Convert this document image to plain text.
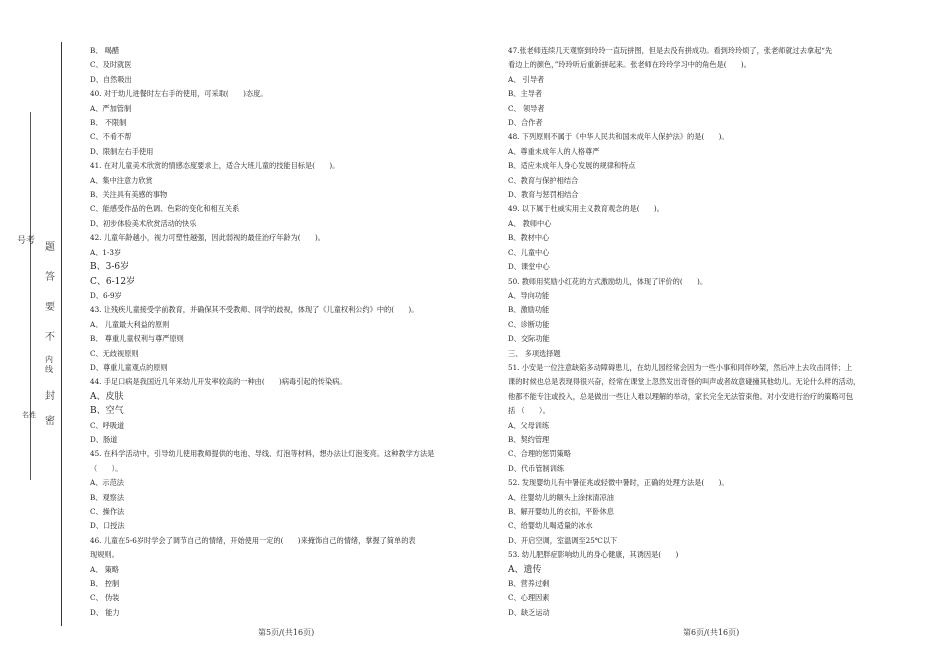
号考
名姓
题
答
要
不
内
线
封
密
B、 喝醋
C、及时就医
D、自然吸出
40. 对于幼儿进餐时左右手的使用，可采取(　　)态度。
A、严加管制
B、 不限制
C、不肴不帮
D、限制左右手使用
41. 在对儿童美术欣赏的情感态度要求上，适合大班儿童的技能目标是(　　)。
A、集中注意力欣赏
B、关注具有美感的事物
C、能感受作品的色调、色彩的变化和相互关系
D、初步体验美术欣赏活动的快乐
42. 儿童年龄越小，视力可塑性越强，因此弱视的最佳治疗年龄为(　　)。
A、1-3岁
B、3-6岁
C、6-12岁
D、6-9岁
43. 让残疾儿童接受学前教育，并确保其不受教师、同学的歧视，体现了《儿童权利公约》中的(　　)。
A、 儿童最大利益的原则
B、 尊重儿童权利与尊严原则
C、无歧视原则
D、尊重儿童观点的原则
44. 手足口病是我国近几年来幼儿开发率较高的一种由(　　)病毒引起的传染病。
A、皮肤
B、空气
C、呼吸道
D、肠道
45. 在科学活动中，引导幼儿使用教师提供的电池、导线、灯泡等材料，想办法让灯泡变亮。这种教学方法是
（　　）。
A、示范法
B、观察法
C、操作法
D、口授法
46. 儿童在5-6岁时学会了调节自己的情绪，开始使用一定的(　　)来掩饰自己的情绪，掌握了简单的表
现规则。
A、 策略
B、 控制
C、 伪装
D、 能力
47.张老师连续几天观察到玲玲一直玩拼图，但是去没有拼成功。看到玲玲烦了，张老师就过去拿起“先
看边上的颜色，”玲玲听后重新拼起来。张老师在玲玲学习中的角色是(　　)。
A、 引导者
B、主导者
C、 领导者
D、合作者
48. 下列原则不属于《中华人民共和国未成年人保护法》的是(　　)。
A、尊重未成年人的人格尊严
B、适应未成年人身心发展的规律和特点
C、教育与保护相结合
D、教育与惩罚相结合
49. 以下属于杜威实用主义教育观念的是(　　)。
A、 教师中心
B、教材中心
C、儿童中心
D、课堂中心
50. 教师用奖励小红花的方式激励幼儿，体现了评价的(　　)。
A、导向功能
B、激励功能
C、诊断功能
D、交际功能
三、 多项选择题
51. 小安是一位注意缺陷多动障碍患儿，在幼儿园经常会因为一些小事和同伴吵架，然后冲上去攻击同伴；上
课的时候也总是表现得很兴奋，经常在课堂上忽然发出奇怪的叫声或者故意碰撞其他幼儿。无论什么样的活动，
他都不能专注或投入，总是做出一些让人难以理解的举动，家长完全无法管束他。对小安进行治疗的策略可包
括 （　　）。
A、父母训练
B、契约管理
C、合理的惩罚策略
D、代币管制训练
52. 发现婴幼儿有中暑征兆或轻微中暑时，正确的处理方法是(　　)。
A、往婴幼儿的额头上涂抹清凉油
B、解开婴幼儿的衣扣，平卧休息
C、给婴幼儿喝适量的冰水
D、开启空调，室温调至25℃以下
53. 幼儿肥胖症影响幼儿的身心健康，其诱因是(　　)
A、遗传
B、营养过剩
C、心理因素
D、缺乏运动
第5页/(共16页)	第6页/(共16页)
